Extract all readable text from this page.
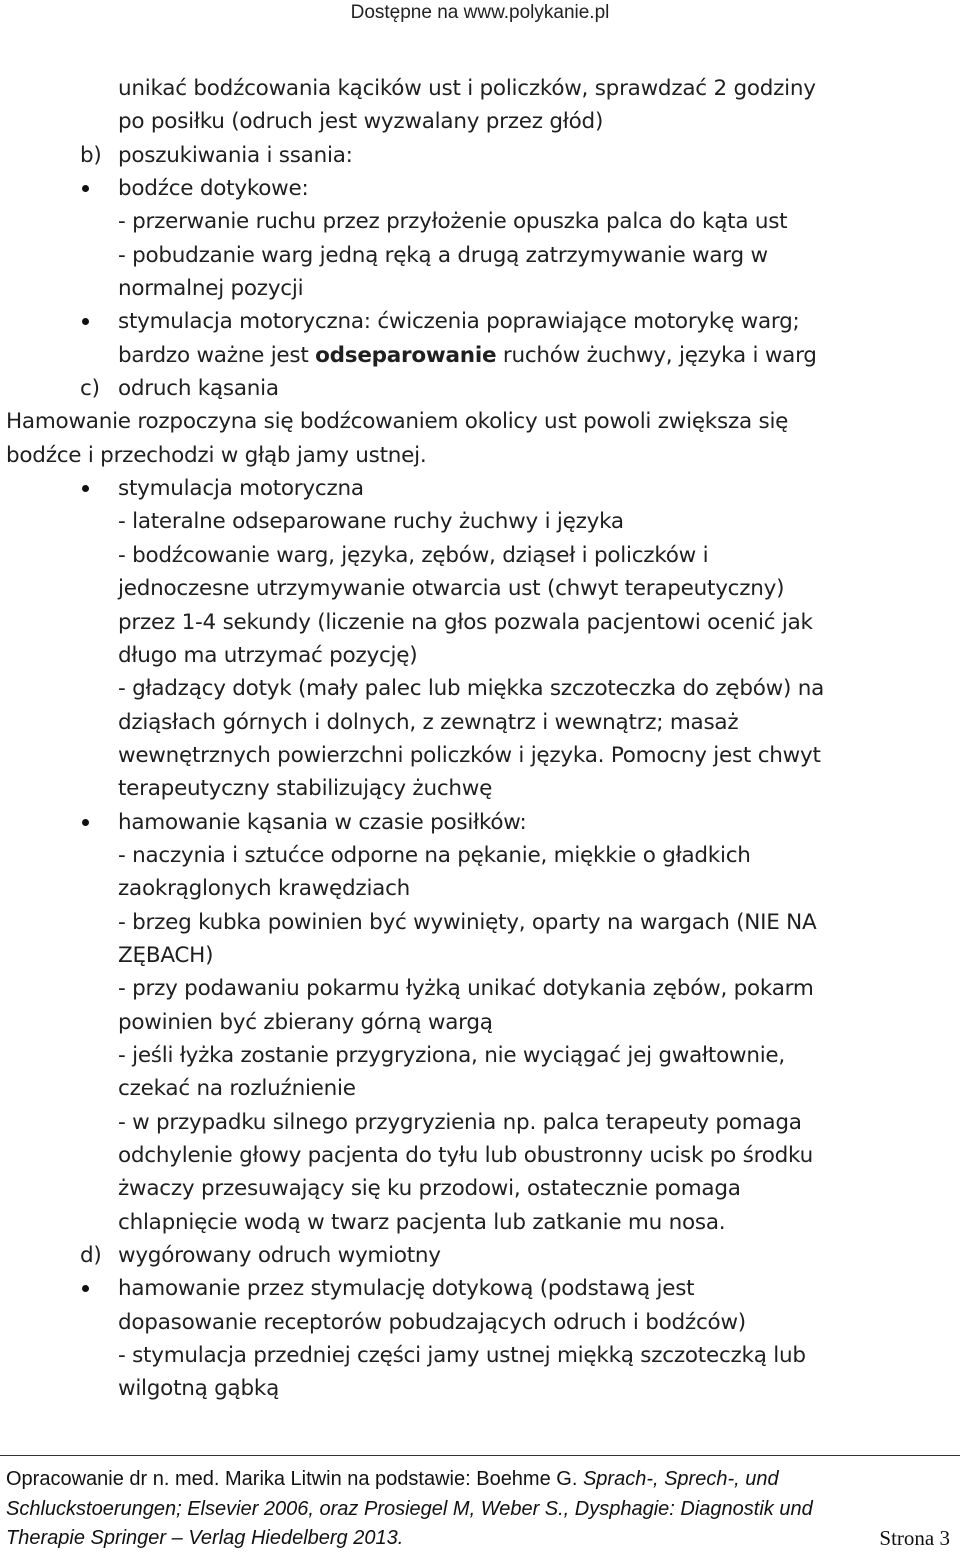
Dostępne na www.polykanie.pl
unikać bodźcowania kącików ust i policzków, sprawdzać 2 godziny
po posiłku (odruch jest wyzwalany przez głód)
b) poszukiwania i ssania:
bodźce dotykowe:
- przerwanie ruchu przez przyłożenie opuszka palca do kąta ust
- pobudzanie warg jedną ręką a drugą zatrzymywanie warg w
normalnej pozycji
stymulacja motoryczna: ćwiczenia poprawiające motorykę warg;
bardzo ważne jest odseparowanie ruchów żuchwy, języka i warg
c) odruch kąsania
Hamowanie rozpoczyna się bodźcowaniem okolicy ust powoli zwiększa się
bodźce i przechodzi w głąb jamy ustnej.
stymulacja motoryczna
- lateralne odseparowane ruchy żuchwy i języka
- bodźcowanie warg, języka, zębów, dziąseł i policzków i
jednoczesne utrzymywanie otwarcia ust (chwyt terapeutyczny)
przez 1-4 sekundy (liczenie na głos pozwala pacjentowi ocenić jak
długo ma utrzymać pozycję)
- gładzący dotyk (mały palec lub miękka szczoteczka do zębów) na
dziąsłach górnych i dolnych, z zewnątrz i wewnątrz; masaż
wewnętrznych powierzchni policzków i języka. Pomocny jest chwyt
terapeutyczny stabilizujący żuchwę
hamowanie kąsania w czasie posiłków:
- naczynia i sztućce odporne na pękanie, miękkie o gładkich
zaokrąglonych krawędziach
- brzeg kubka powinien być wywinięty, oparty na wargach (NIE NA
ZĘBACH)
- przy podawaniu pokarmu łyżką unikać dotykania zębów, pokarm
powinien być zbierany górną wargą
- jeśli łyżka zostanie przygryziona, nie wyciągać jej gwałtownie,
czekać na rozluźnienie
- w przypadku silnego przygryzienia np. palca terapeuty pomaga
odchylenie głowy pacjenta do tyłu lub obustronny ucisk po środku
żwaczy przesuwający się ku przodowi, ostatecznie pomaga
chlapnięcie wodą w twarz pacjenta lub zatkanie mu nosa.
d) wygórowany odruch wymiotny
hamowanie przez stymulację dotykową (podstawą jest
dopasowanie receptorów pobudzających odruch i bodźców)
- stymulacja przedniej części jamy ustnej miękką szczoteczką lub
wilgotną gąbką
Opracowanie dr n. med. Marika Litwin na podstawie: Boehme G. Sprach-, Sprech-, und
Schluckstoerungen; Elsevier 2006, oraz Prosiegel M, Weber S., Dysphagie: Diagnostik und
Therapie Springer – Verlag Hiedelberg 2013.	Strona 3
